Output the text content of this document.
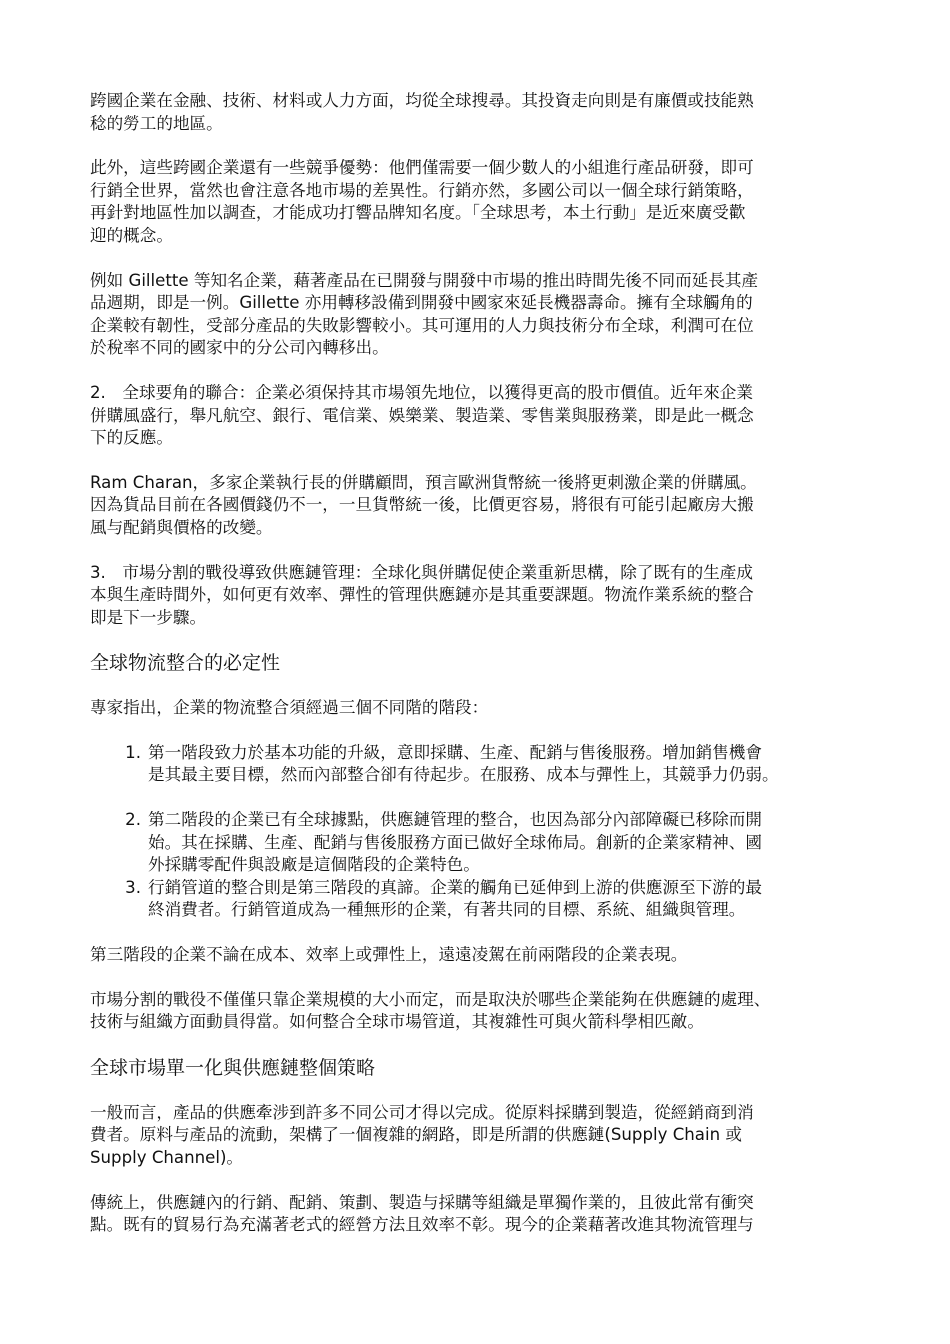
跨國企業在金融、技術、材料或人力方面，均從全球搜尋。其投資走向則是有廉價或技能熟
稔的勞工的地區。

此外，這些跨國企業還有一些競爭優勢：他們僅需要一個少數人的小組進行產品研發，即可
行銷全世界，當然也會注意各地市場的差異性。行銷亦然，多國公司以一個全球行銷策略，
再針對地區性加以調查，才能成功打響品牌知名度。「全球思考，本土行動」是近來廣受歡
迎的概念。

例如 Gillette 等知名企業，藉著產品在已開發与開發中市場的推出時間先後不同而延長其產
品週期，即是一例。Gillette 亦用轉移設備到開發中國家來延長機器壽命。擁有全球觸角的
企業較有韌性，受部分產品的失敗影響較小。其可運用的人力與技術分布全球，利潤可在位
於稅率不同的國家中的分公司內轉移出。

2.　全球要角的聯合：企業必須保持其市場領先地位，以獲得更高的股市價值。近年來企業
併購風盛行，舉凡航空、銀行、電信業、娛樂業、製造業、零售業與服務業，即是此一概念
下的反應。

Ram Charan，多家企業執行長的併購顧問，預言歐洲貨幣統一後將更刺激企業的併購風。
因為貨品目前在各國價錢仍不一，一旦貨幣統一後，比價更容易，將很有可能引起廠房大搬
風与配銷與價格的改變。

3.　市場分割的戰役導致供應鏈管理：全球化與併購促使企業重新思構，除了既有的生產成
本與生產時間外，如何更有效率、彈性的管理供應鏈亦是其重要課題。物流作業系統的整合
即是下一步驟。

全球物流整合的必定性

專家指出，企業的物流整合須經過三個不同階的階段：

1. 第一階段致力於基本功能的升級，意即採購、生產、配銷与售後服務。增加銷售機會
是其最主要目標，然而內部整合卻有待起步。在服務、成本与彈性上，其競爭力仍弱。
2. 第二階段的企業已有全球據點，供應鏈管理的整合，也因為部分內部障礙已移除而開
始。其在採購、生產、配銷与售後服務方面已做好全球佈局。創新的企業家精神、國
外採購零配件與設廠是這個階段的企業特色。
3. 行銷管道的整合則是第三階段的真諦。企業的觸角已延伸到上游的供應源至下游的最
終消費者。行銷管道成為一種無形的企業，有著共同的目標、系統、組織與管理。

第三階段的企業不論在成本、效率上或彈性上，遠遠凌駕在前兩階段的企業表現。

市場分割的戰役不僅僅只靠企業規模的大小而定，而是取決於哪些企業能夠在供應鏈的處理、
技術与組織方面動員得當。如何整合全球市場管道，其複雜性可與火箭科學相匹敵。

全球市場單一化與供應鏈整個策略

一般而言，產品的供應牽涉到許多不同公司才得以完成。從原料採購到製造，從經銷商到消
費者。原料与產品的流動，架構了一個複雜的網路，即是所謂的供應鏈(Supply Chain 或
Supply Channel)。

傳統上，供應鏈內的行銷、配銷、策劃、製造与採購等組織是單獨作業的，且彼此常有衝突
點。既有的貿易行為充滿著老式的經營方法且效率不彰。現今的企業藉著改進其物流管理与
